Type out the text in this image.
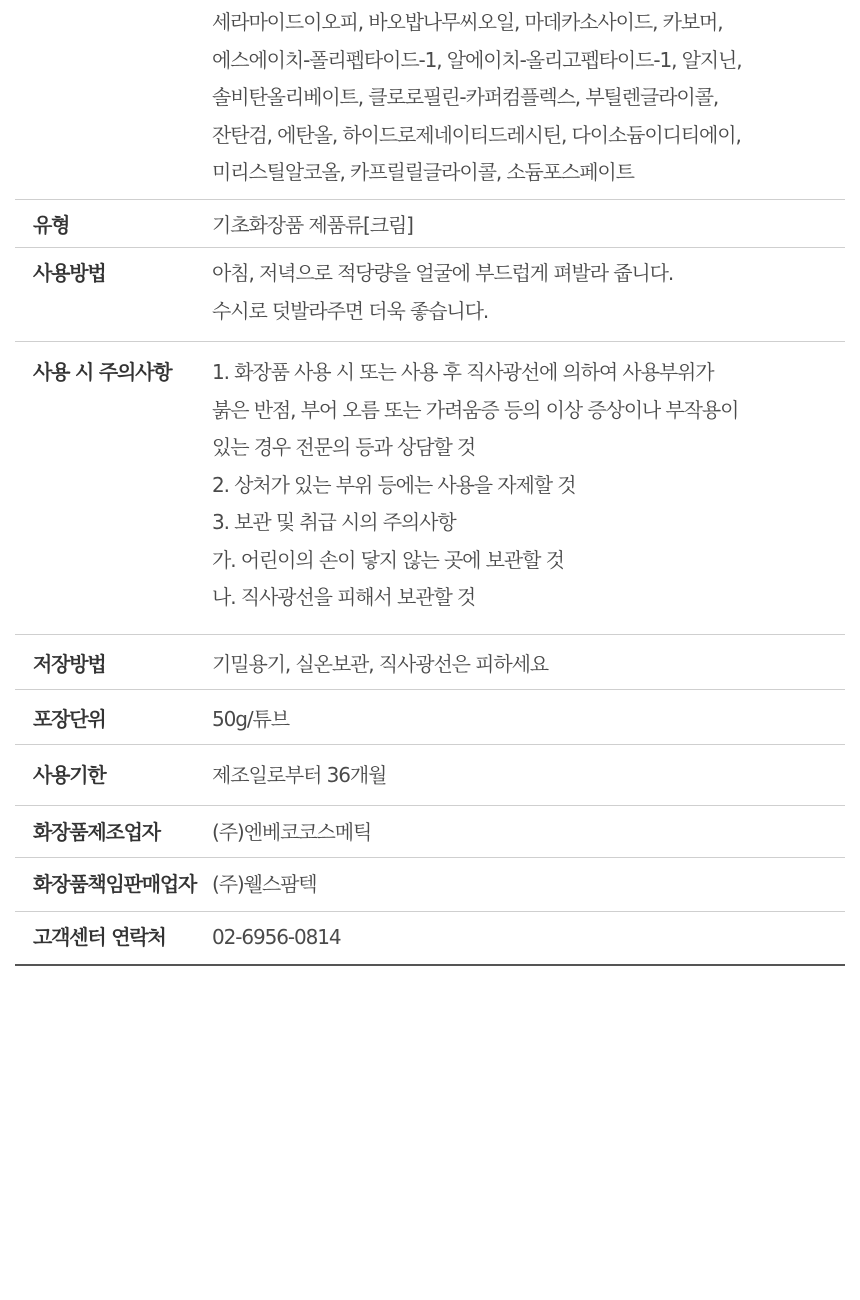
세라마이드이오피, 바오밥나무씨오일, 마데카소사이드, 카보머,
에스에이치-폴리펩타이드-1, 알에이치-올리고펩타이드-1, 알지닌,
솔비탄올리베이트, 클로로필린-카퍼컴플렉스, 부틸렌글라이콜,
잔탄검, 에탄올, 하이드로제네이티드레시틴, 다이소듐이디티에이,
미리스틸알코올, 카프릴릴글라이콜, 소듐포스페이트
유형	기초화장품 제품류[크림]
사용방법	아침, 저녁으로 적당량을 얼굴에 부드럽게 펴발라 줍니다.
수시로 덧발라주면 더욱 좋습니다.
사용 시 주의사항	1. 화장품 사용 시 또는 사용 후 직사광선에 의하여 사용부위가
붉은 반점, 부어 오름 또는 가려움증 등의 이상 증상이나 부작용이
있는 경우 전문의 등과 상담할 것
2. 상처가 있는 부위 등에는 사용을 자제할 것
3. 보관 및 취급 시의 주의사항
가. 어린이의 손이 닿지 않는 곳에 보관할 것
나. 직사광선을 피해서 보관할 것
저장방법	기밀용기, 실온보관, 직사광선은 피하세요
포장단위	50g/튜브
사용기한	제조일로부터 36개월
화장품제조업자	(주)엔베코코스메틱
화장품책임판매업자 (주)웰스팜텍
고객센터 연락처	02-6956-0814
